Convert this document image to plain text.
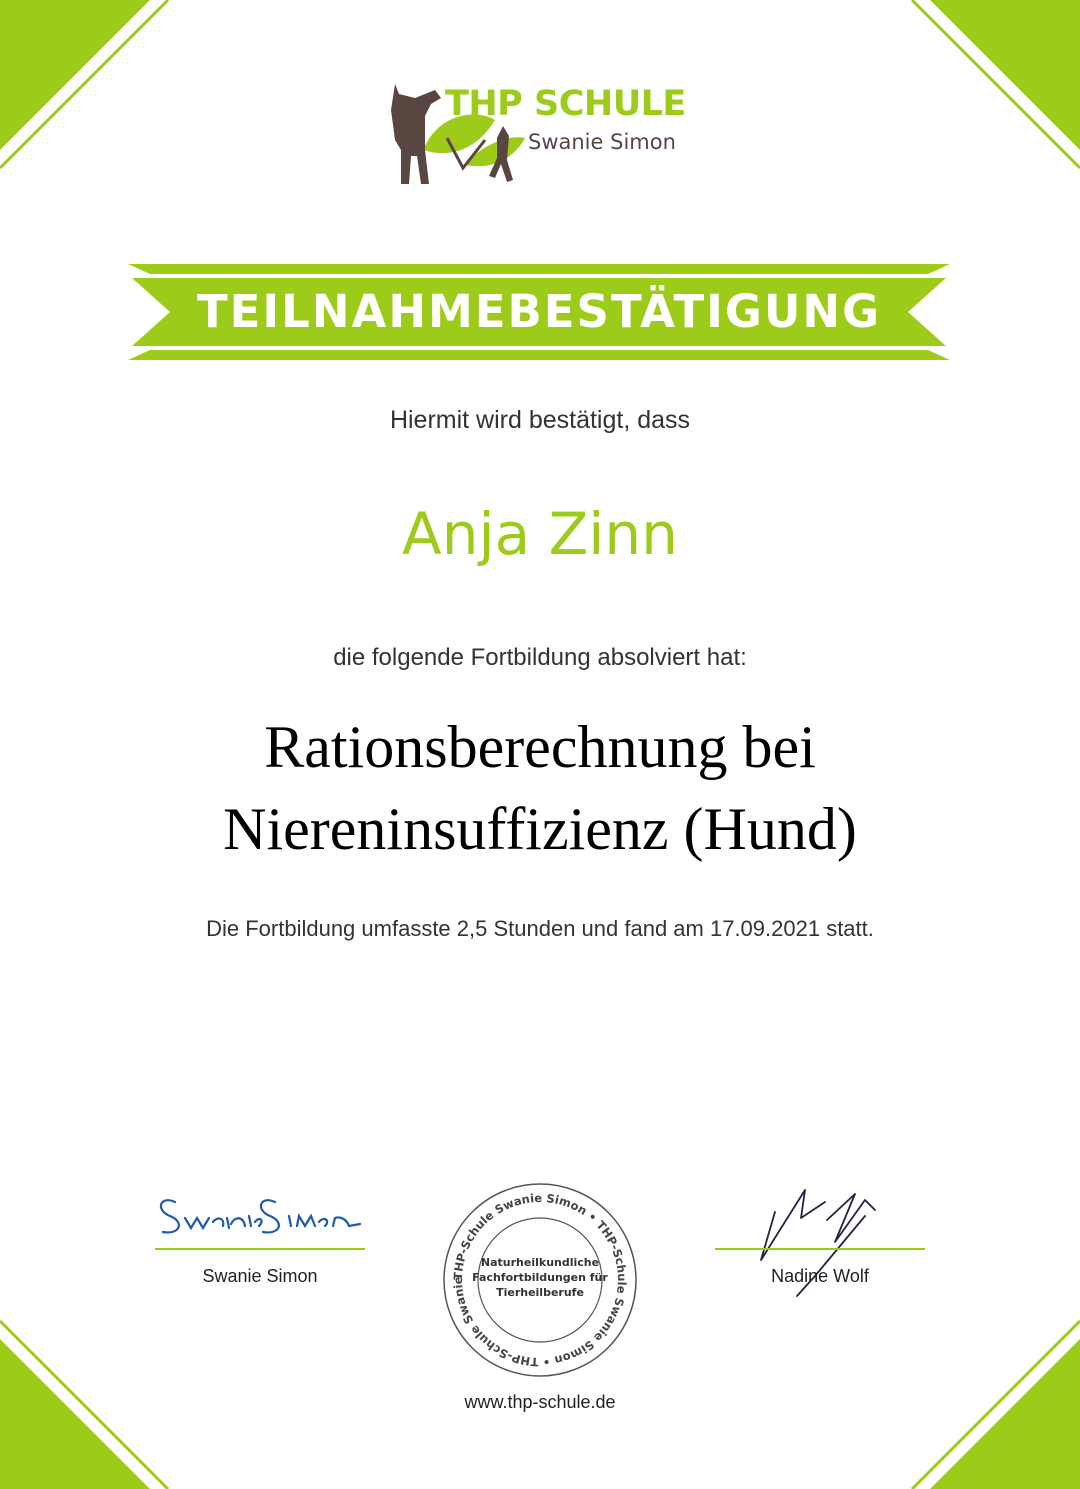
THP SCHULE
Swanie Simon
TEILNAHMEBESTÄTIGUNG
Hiermit wird bestätigt, dass
Anja Zinn
die folgende Fortbildung absolviert hat:
Rationsberechnung bei
Niereninsuffizienz (Hund)
Die Fortbildung umfasste 2,5 Stunden und fand am 17.09.2021 statt.
Swanie Simon	THP-Schule Swanie Simon • THP-Schule Swanie Simon • THP-Schule Swanie
Naturheilkundliche
Fachfortbildungen für
Tierheilberufe
Nadine Wolf
www.thp-schule.de
